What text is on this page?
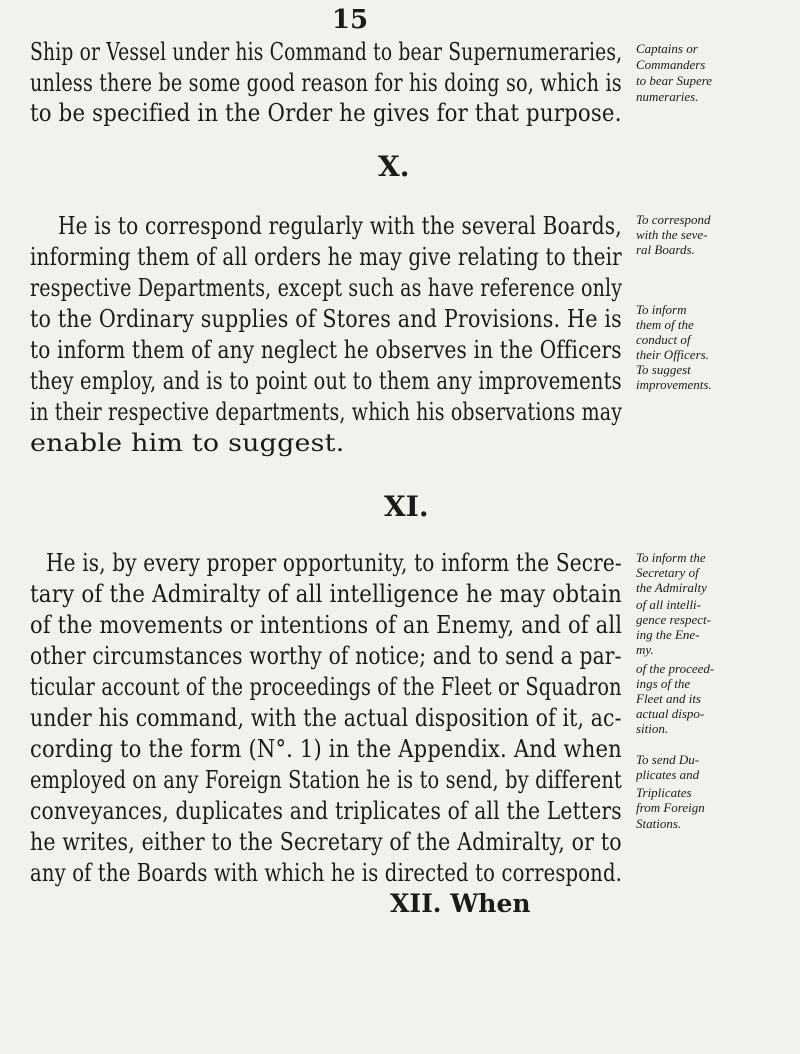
15
Ship or Vessel under his Command to bear Supernumeraries,
unless there be some good reason for his doing so, which is
to be specified in the Order he gives for that purpose.
Captains or
Commanders
to bear Supere
numeraries.
X.
He is to correspond regularly with the several Boards,
informing them of all orders he may give relating to their
respective Departments, except such as have reference only
to the Ordinary supplies of Stores and Provisions. He is
to inform them of any neglect he observes in the Officers
they employ, and is to point out to them any improvements
in their respective departments, which his observations may
enable him to suggest.
To correspond
with the seve-
ral Boards.
To inform
them of the
conduct of
their Officers.
To suggest
improvements.
XI.
He is, by every proper opportunity, to inform the Secre-
tary of the Admiralty of all intelligence he may obtain
of the movements or intentions of an Enemy, and of all
other circumstances worthy of notice; and to send a par-
ticular account of the proceedings of the Fleet or Squadron
under his command, with the actual disposition of it, ac-
cording to the form (N°. 1) in the Appendix. And when
employed on any Foreign Station he is to send, by different
conveyances, duplicates and triplicates of all the Letters
he writes, either to the Secretary of the Admiralty, or to
any of the Boards with which he is directed to correspond.
To inform the
Secretary of
the Admiralty
of all intelli-
gence respect-
ing the Ene-
my.
of the proceed-
ings of the
Fleet and its
actual dispo-
sition.
To send Du-
plicates and
Triplicates
from Foreign
Stations.
XII. When
